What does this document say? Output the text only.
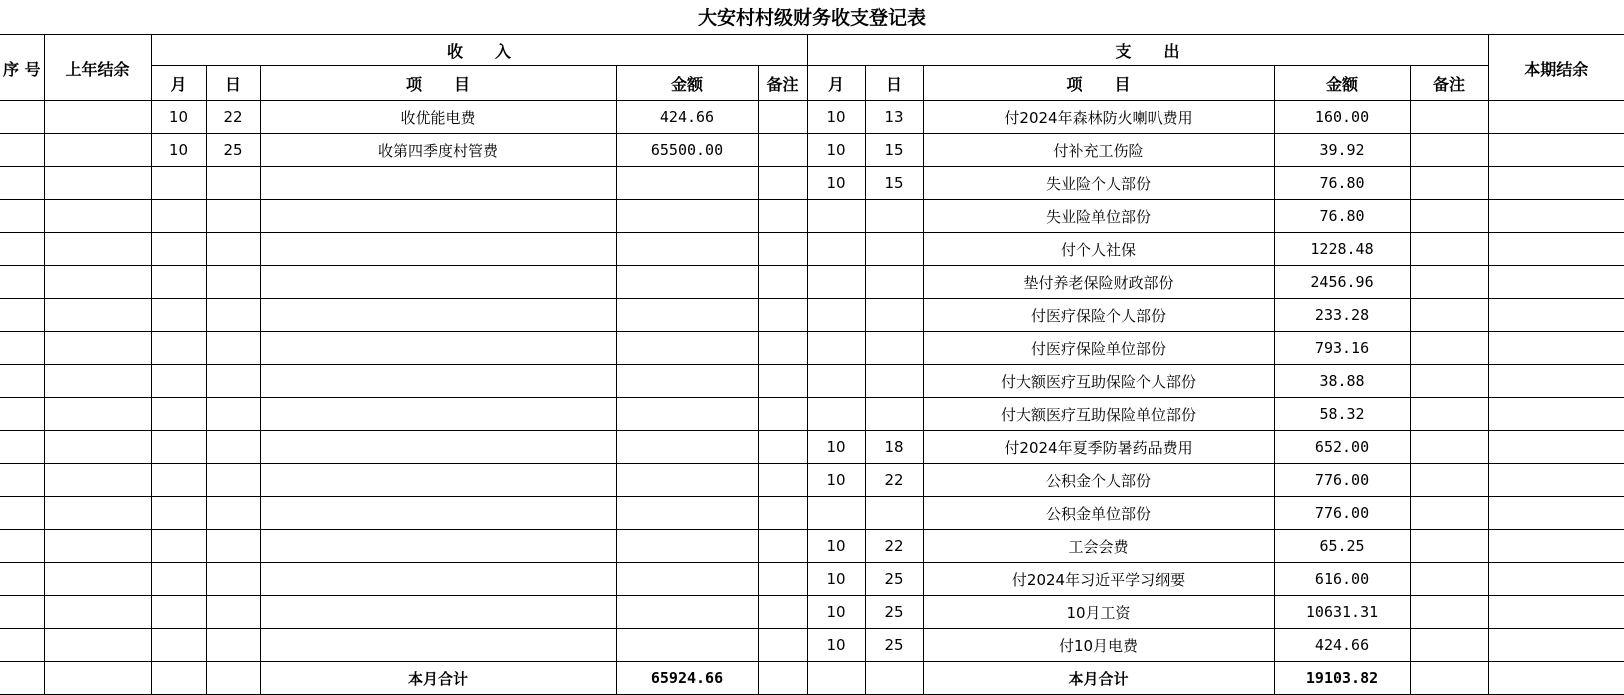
大安村村级财务收支登记表
序 号	上年结余	收　　入					支　　出					本期结余
		月	日	项　　目	金额	备注	月	日	项　　目	金额	备注	
		10	22	收优能电费	424.66		10	13	付2024年森林防火喇叭费用	160.00		
		10	25	收第四季度村管费	65500.00		10	15	付补充工伤险	39.92		
							10	15	失业险个人部份	76.80		
									失业险单位部份	76.80		
									付个人社保	1228.48		
									垫付养老保险财政部份	2456.96		
									付医疗保险个人部份	233.28		
									付医疗保险单位部份	793.16		
									付大额医疗互助保险个人部份	38.88		
									付大额医疗互助保险单位部份	58.32		
							10	18	付2024年夏季防暑药品费用	652.00		
							10	22	公积金个人部份	776.00		
									公积金单位部份	776.00		
							10	22	工会会费	65.25		
							10	25	付2024年习近平学习纲要	616.00		
							10	25	10月工资	10631.31		
							10	25	付10月电费	424.66		
				本月合计	65924.66				本月合计	19103.82		
